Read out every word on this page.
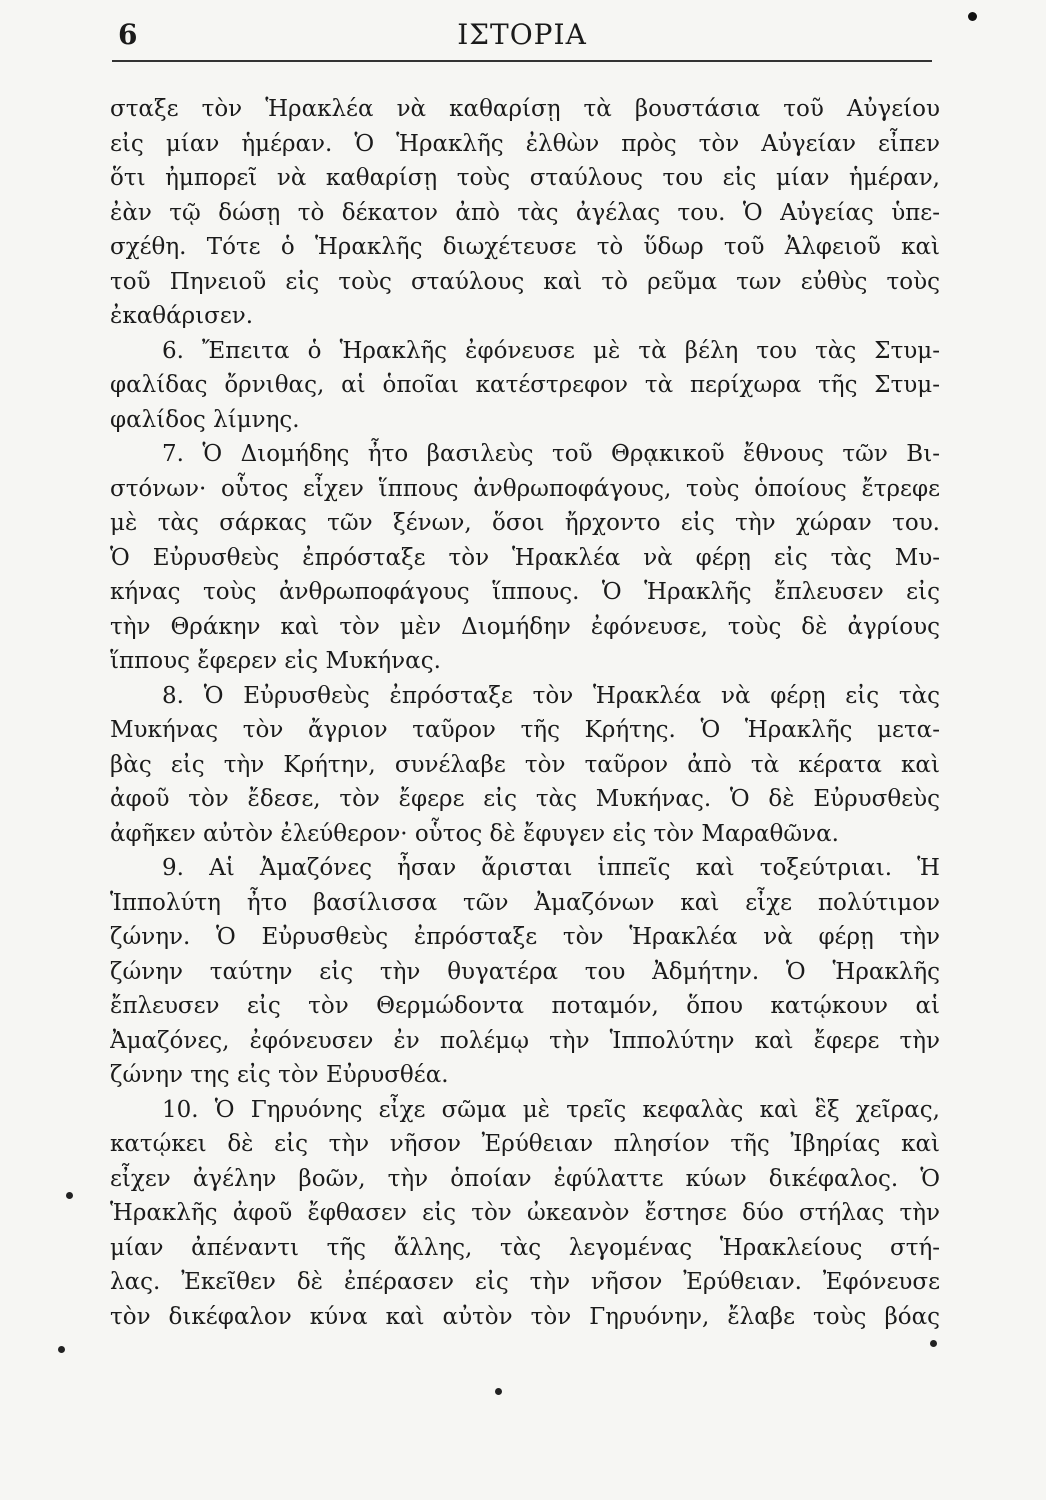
6	ΙΣΤΟΡΙΑ
σταξε τὸν Ἡρακλέα νὰ καθαρίσῃ τὰ βουστάσια τοῦ Αὐγείου
εἰς μίαν ἡμέραν. Ὁ Ἡρακλῆς ἐλθὼν πρὸς τὸν Αὐγείαν εἶπεν
ὅτι ἠμπορεῖ νὰ καθαρίσῃ τοὺς σταύλους του εἰς μίαν ἡμέραν,
ἐὰν τῷ δώσῃ τὸ δέκατον ἀπὸ τὰς ἀγέλας του. Ὁ Αὐγείας ὑπε-
σχέθη. Τότε ὁ Ἡρακλῆς διωχέτευσε τὸ ὕδωρ τοῦ Ἀλφειοῦ καὶ
τοῦ Πηνειοῦ εἰς τοὺς σταύλους καὶ τὸ ρεῦμα των εὐθὺς τοὺς
ἐκαθάρισεν.
6. Ἔπειτα ὁ Ἡρακλῆς ἐφόνευσε μὲ τὰ βέλη του τὰς Στυμ-
φαλίδας ὄρνιθας, αἱ ὁποῖαι κατέστρεφον τὰ περίχωρα τῆς Στυμ-
φαλίδος λίμνης.
7. Ὁ Διομήδης ἦτο βασιλεὺς τοῦ Θρᾳκικοῦ ἔθνους τῶν Βι-
στόνων· οὗτος εἶχεν ἵππους ἀνθρωποφάγους, τοὺς ὁποίους ἔτρεφε
μὲ τὰς σάρκας τῶν ξένων, ὅσοι ἤρχοντο εἰς τὴν χώραν του.
Ὁ Εὐρυσθεὺς ἐπρόσταξε τὸν Ἡρακλέα νὰ φέρῃ εἰς τὰς Μυ-
κήνας τοὺς ἀνθρωποφάγους ἵππους. Ὁ Ἡρακλῆς ἔπλευσεν εἰς
τὴν Θράκην καὶ τὸν μὲν Διομήδην ἐφόνευσε, τοὺς δὲ ἀγρίους
ἵππους ἔφερεν εἰς Μυκήνας.
8. Ὁ Εὐρυσθεὺς ἐπρόσταξε τὸν Ἡρακλέα νὰ φέρῃ εἰς τὰς
Μυκήνας τὸν ἄγριον ταῦρον τῆς Κρήτης. Ὁ Ἡρακλῆς μετα-
βὰς εἰς τὴν Κρήτην, συνέλαβε τὸν ταῦρον ἀπὸ τὰ κέρατα καὶ
ἀφοῦ τὸν ἔδεσε, τὸν ἔφερε εἰς τὰς Μυκήνας. Ὁ δὲ Εὐρυσθεὺς
ἀφῆκεν αὐτὸν ἐλεύθερον· οὗτος δὲ ἔφυγεν εἰς τὸν Μαραθῶνα.
9. Αἱ Ἀμαζόνες ἦσαν ἄρισται ἱππεῖς καὶ τοξεύτριαι. Ἡ
Ἱππολύτη ἦτο βασίλισσα τῶν Ἀμαζόνων καὶ εἶχε πολύτιμον
ζώνην. Ὁ Εὐρυσθεὺς ἐπρόσταξε τὸν Ἡρακλέα νὰ φέρῃ τὴν
ζώνην ταύτην εἰς τὴν θυγατέρα του Ἀδμήτην. Ὁ Ἡρακλῆς
ἔπλευσεν εἰς τὸν Θερμώδοντα ποταμόν, ὅπου κατῴκουν αἱ
Ἀμαζόνες, ἐφόνευσεν ἐν πολέμῳ τὴν Ἱππολύτην καὶ ἔφερε τὴν
ζώνην της εἰς τὸν Εὐρυσθέα.
10. Ὁ Γηρυόνης εἶχε σῶμα μὲ τρεῖς κεφαλὰς καὶ ἓξ χεῖρας,
κατῴκει δὲ εἰς τὴν νῆσον Ἐρύθειαν πλησίον τῆς Ἰβηρίας καὶ
εἶχεν ἀγέλην βοῶν, τὴν ὁποίαν ἐφύλαττε κύων δικέφαλος. Ὁ
Ἡρακλῆς ἀφοῦ ἔφθασεν εἰς τὸν ὠκεανὸν ἔστησε δύο στήλας τὴν
μίαν ἀπέναντι τῆς ἄλλης, τὰς λεγομένας Ἡρακλείους στή-
λας. Ἐκεῖθεν δὲ ἐπέρασεν εἰς τὴν νῆσον Ἐρύθειαν. Ἐφόνευσε
τὸν δικέφαλον κύνα καὶ αὐτὸν τὸν Γηρυόνην, ἔλαβε τοὺς βόας
